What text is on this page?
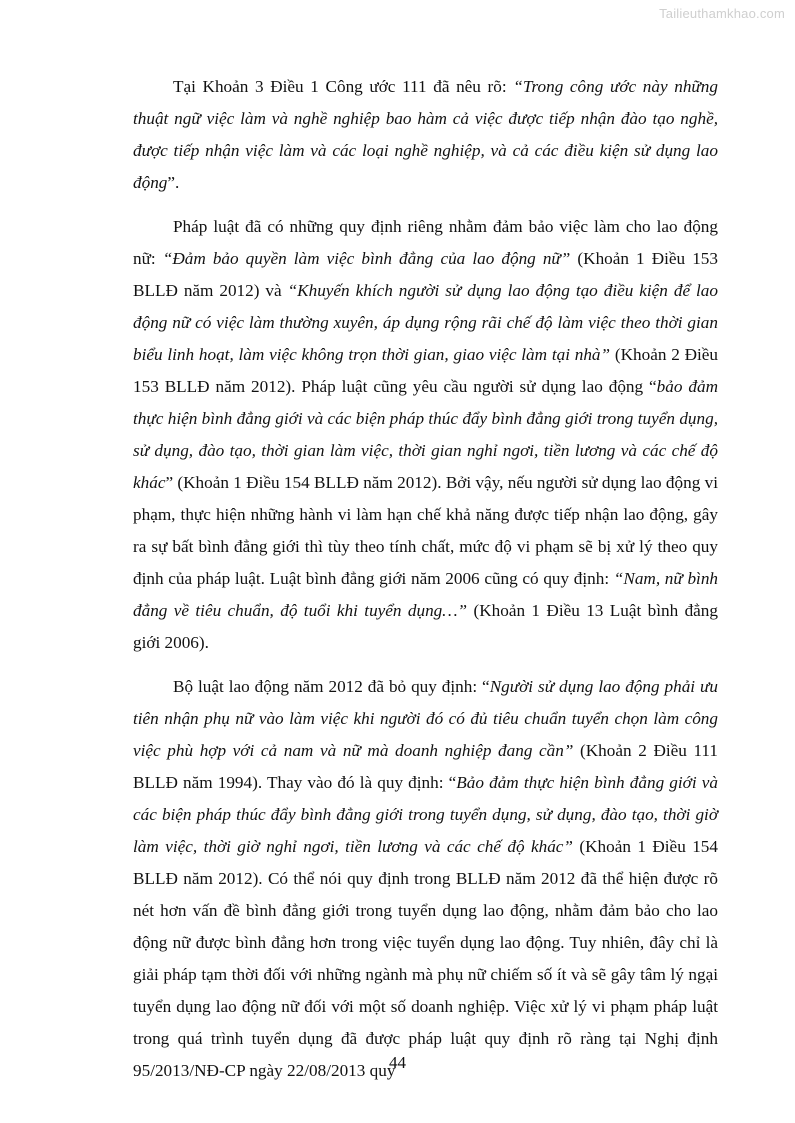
Tailieuthamkhao.com

Tại Khoản 3 Điều 1 Công ước 111 đã nêu rõ: “Trong công ước này những thuật ngữ việc làm và nghề nghiệp bao hàm cả việc được tiếp nhận đào tạo nghề, được tiếp nhận việc làm và các loại nghề nghiệp, và cả các điều kiện sử dụng lao động”.

Pháp luật đã có những quy định riêng nhằm đảm bảo việc làm cho lao động nữ: “Đảm bảo quyền làm việc bình đẳng của lao động nữ” (Khoản 1 Điều 153 BLLĐ năm 2012) và “Khuyến khích người sử dụng lao động tạo điều kiện để lao động nữ có việc làm thường xuyên, áp dụng rộng rãi chế độ làm việc theo thời gian biểu linh hoạt, làm việc không trọn thời gian, giao việc làm tại nhà” (Khoản 2 Điều 153 BLLĐ năm 2012). Pháp luật cũng yêu cầu người sử dụng lao động “bảo đảm thực hiện bình đẳng giới và các biện pháp thúc đẩy bình đẳng giới trong tuyển dụng, sử dụng, đào tạo, thời gian làm việc, thời gian nghỉ ngơi, tiền lương và các chế độ khác” (Khoản 1 Điều 154 BLLĐ năm 2012). Bởi vậy, nếu người sử dụng lao động vi phạm, thực hiện những hành vi làm hạn chế khả năng được tiếp nhận lao động, gây ra sự bất bình đẳng giới thì tùy theo tính chất, mức độ vi phạm sẽ bị xử lý theo quy định của pháp luật. Luật bình đẳng giới năm 2006 cũng có quy định: “Nam, nữ bình đẳng về tiêu chuẩn, độ tuổi khi tuyển dụng…” (Khoản 1 Điều 13 Luật bình đẳng giới 2006).

Bộ luật lao động năm 2012 đã bỏ quy định: “Người sử dụng lao động phải ưu tiên nhận phụ nữ vào làm việc khi người đó có đủ tiêu chuẩn tuyển chọn làm công việc phù hợp với cả nam và nữ mà doanh nghiệp đang cần” (Khoản 2 Điều 111 BLLĐ năm 1994). Thay vào đó là quy định: “Bảo đảm thực hiện bình đẳng giới và các biện pháp thúc đẩy bình đẳng giới trong tuyển dụng, sử dụng, đào tạo, thời giờ làm việc, thời giờ nghỉ ngơi, tiền lương và các chế độ khác” (Khoản 1 Điều 154 BLLĐ năm 2012). Có thể nói quy định trong BLLĐ năm 2012 đã thể hiện được rõ nét hơn vấn đề bình đẳng giới trong tuyển dụng lao động, nhằm đảm bảo cho lao động nữ được bình đẳng hơn trong việc tuyển dụng lao động. Tuy nhiên, đây chỉ là giải pháp tạm thời đối với những ngành mà phụ nữ chiếm số ít và sẽ gây tâm lý ngại tuyển dụng lao động nữ đối với một số doanh nghiệp. Việc xử lý vi phạm pháp luật trong quá trình tuyển dụng đã được pháp luật quy định rõ ràng tại Nghị định 95/2013/NĐ-CP ngày 22/08/2013 quy

44
